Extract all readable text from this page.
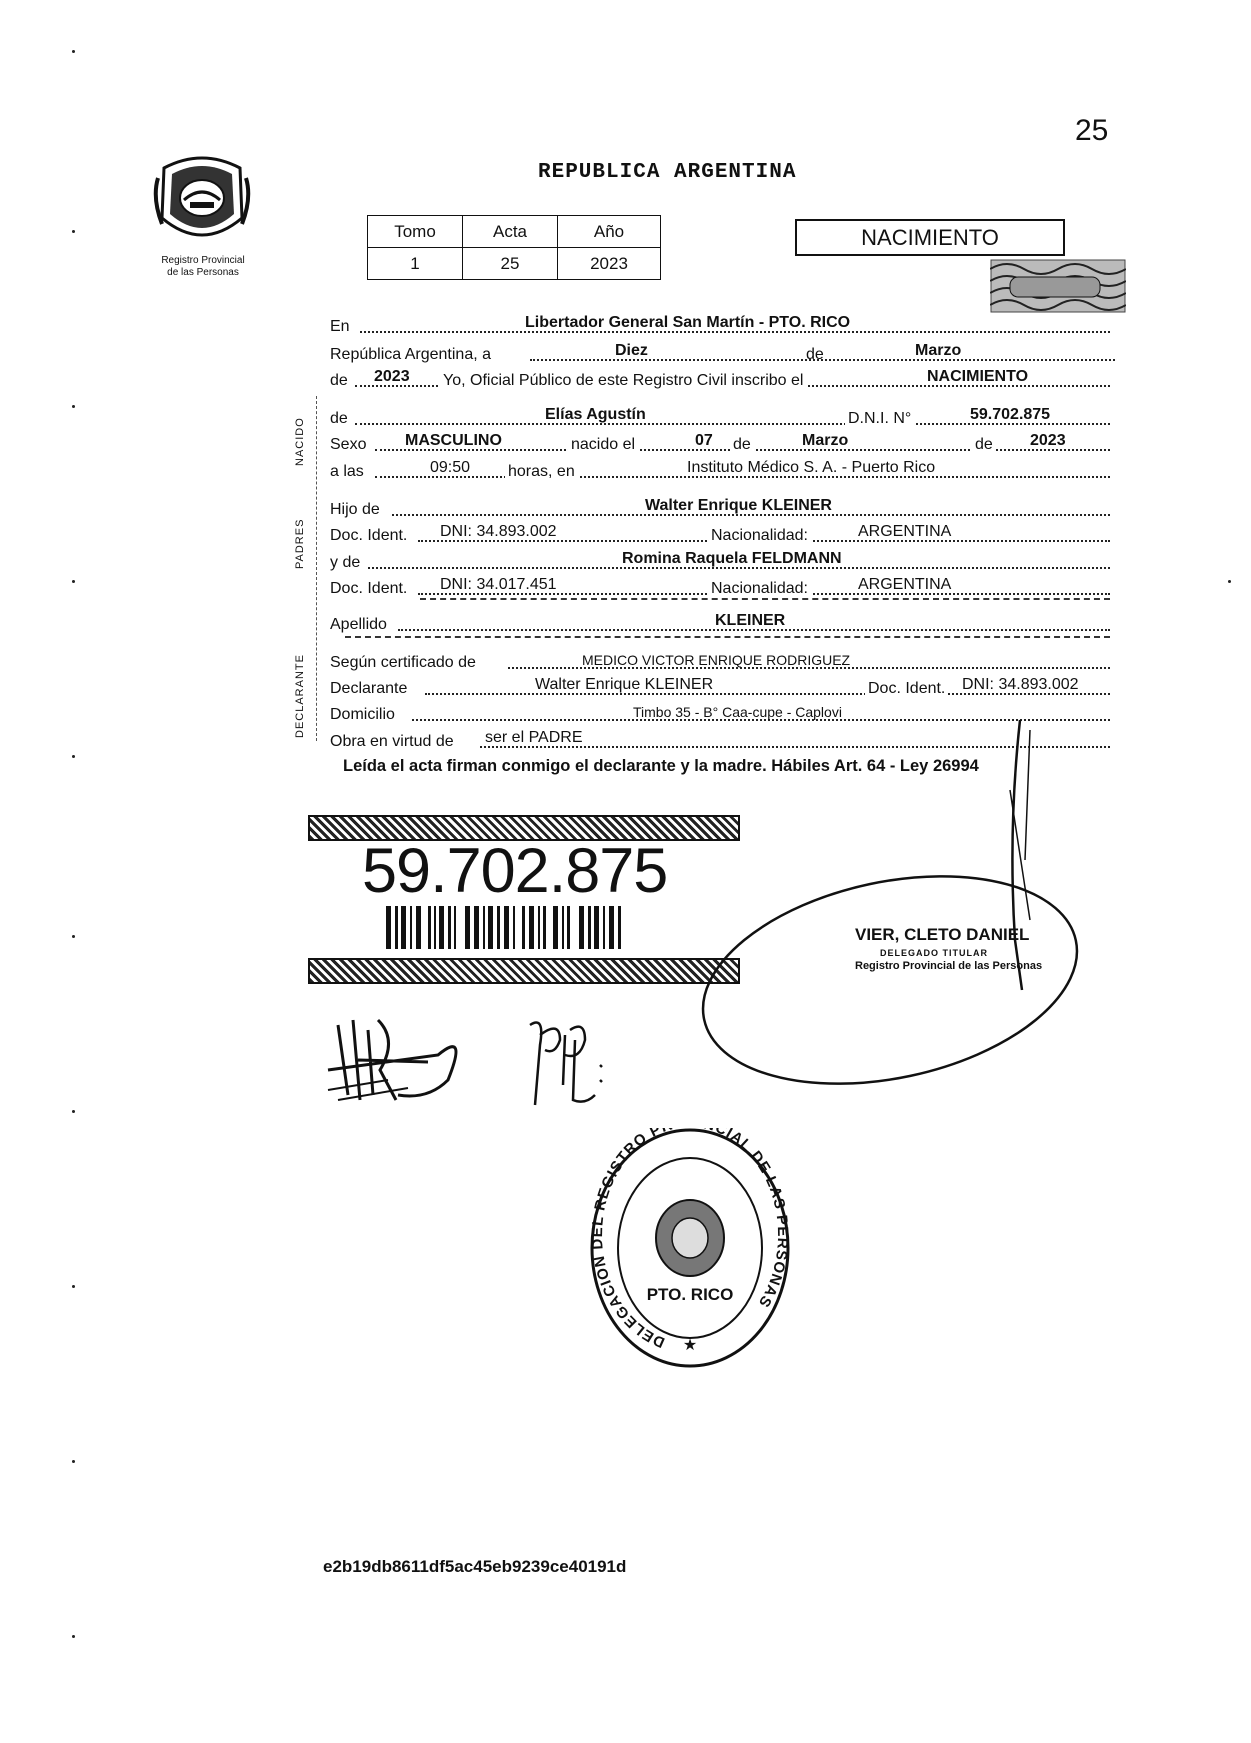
25
REPUBLICA ARGENTINA
Registro Provincial
de las Personas
Tomo	Acta	Año
1	25	2023
NACIMIENTO
NACIDO
PADRES
DECLARANTE
En	Libertador General San Martín - PTO. RICO
República Argentina, a	Diez	de	Marzo
de 2023 Yo, Oficial Público de este Registro Civil inscribo el	NACIMIENTO
de	Elías Agustín	D.N.I. N°	59.702.875
Sexo MASCULINO	nacido el	07 de	Marzo	de 2023
a las	09:50 horas, en	Instituto Médico S. A. - Puerto Rico
Hijo de	Walter Enrique KLEINER
Doc. Ident. DNI: 34.893.002	Nacionalidad:	ARGENTINA
y de	Romina Raquela FELDMANN
Doc. Ident. DNI: 34.017.451	Nacionalidad:	ARGENTINA
Apellido	KLEINER
Según certificado de	MEDICO VICTOR ENRIQUE RODRIGUEZ
Declarante	Walter Enrique KLEINER	Doc. Ident. DNI: 34.893.002
Domicilio	Timbo 35 - B° Caa-cupe - Caplovi
Obra en virtud de ser el PADRE
Leída el acta firman conmigo el declarante y la madre. Hábiles Art. 64 - Ley 26994
59.702.875
VIER, CLETO DANIEL
DELEGADO TITULAR
Registro Provincial de las Personas
DELEGACION DEL REGISTRO P CIAL DE LAS PERSONAS
PTO. RICO
★
e2b19db8611df5ac45eb9239ce40191d
